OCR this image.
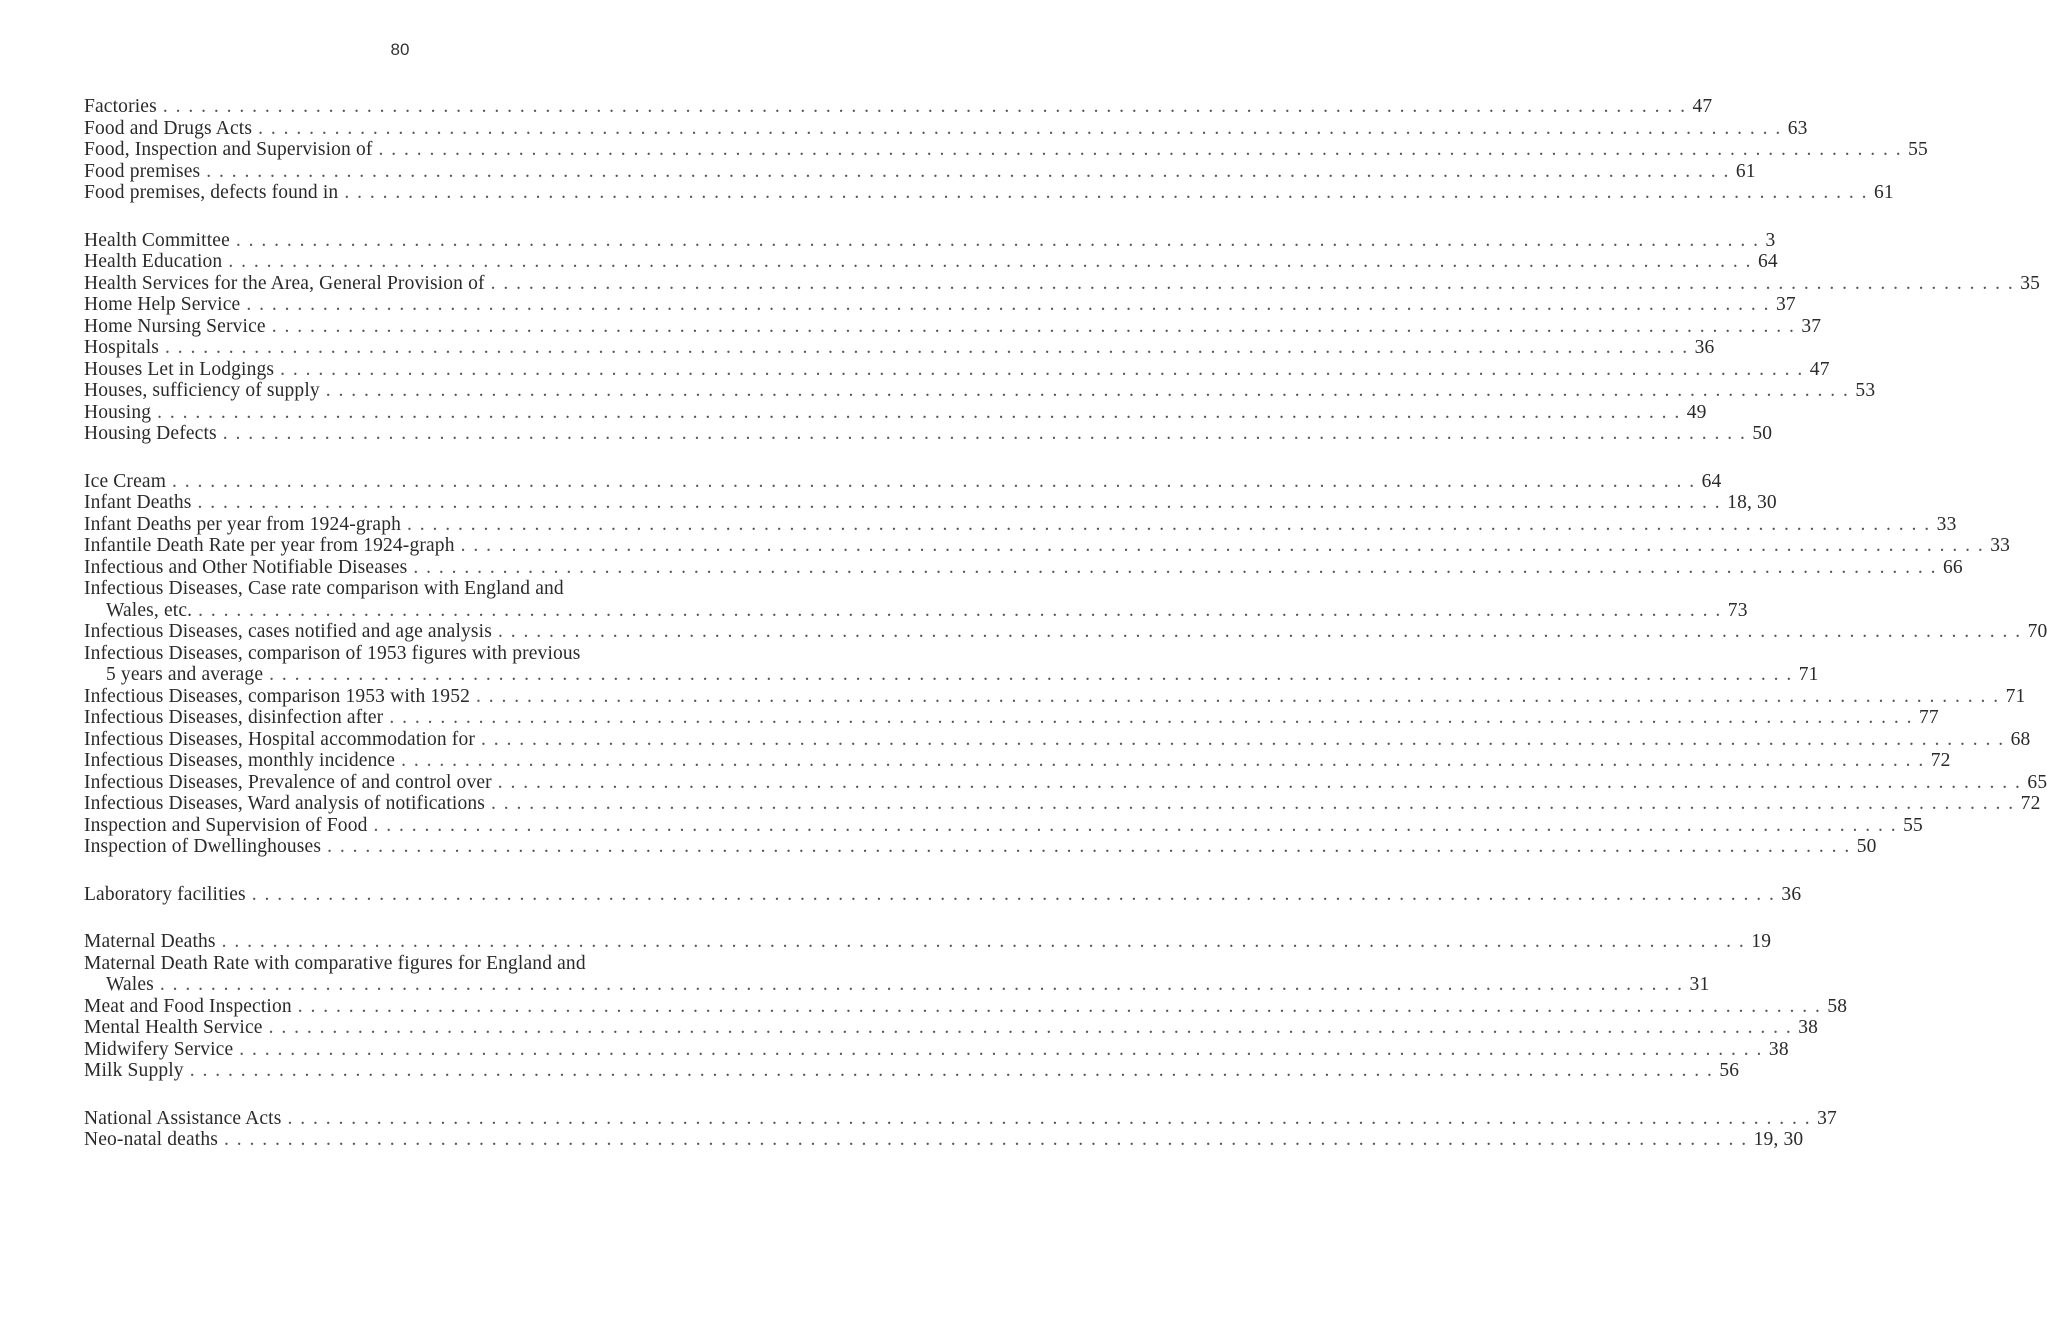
80
Factories . . . . . . . . . . . . . . . . . . . . . . . . . . . . . . . . . . . . . . . . . . . . . . . . . . . . . . . . . . . . . . . . . . . . . . . . . . . . . . . . . . . . . . . . . . . . . . . . . . . . . . . . . . . . . . . . . . . . . . . . 47
Food and Drugs Acts . . . . . . . . . . . . . . . . . . . . . . . . . . . . . . . . . . . . . . . . . . . . . . . . . . . . . . . . . . . . . . . . . . . . . . . . . . . . . . . . . . . . . . . . . . . . . . . . . . . . . . . . . . . . . . . . . . . . . . . . 63
Food, Inspection and Supervision of . . . . . . . . . . . . . . . . . . . . . . . . . . . . . . . . . . . . . . . . . . . . . . . . . . . . . . . . . . . . . . . . . . . . . . . . . . . . . . . . . . . . . . . . . . . . . . . . . . . . . . . . . . . . . . . . . . . . . . . . 55
Food premises . . . . . . . . . . . . . . . . . . . . . . . . . . . . . . . . . . . . . . . . . . . . . . . . . . . . . . . . . . . . . . . . . . . . . . . . . . . . . . . . . . . . . . . . . . . . . . . . . . . . . . . . . . . . . . . . . . . . . . . . 61
Food premises, defects found in . . . . . . . . . . . . . . . . . . . . . . . . . . . . . . . . . . . . . . . . . . . . . . . . . . . . . . . . . . . . . . . . . . . . . . . . . . . . . . . . . . . . . . . . . . . . . . . . . . . . . . . . . . . . . . . . . . . . . . . . 61
Health Committee . . . . . . . . . . . . . . . . . . . . . . . . . . . . . . . . . . . . . . . . . . . . . . . . . . . . . . . . . . . . . . . . . . . . . . . . . . . . . . . . . . . . . . . . . . . . . . . . . . . . . . . . . . . . . . . . . . . . . . . . 3
Health Education . . . . . . . . . . . . . . . . . . . . . . . . . . . . . . . . . . . . . . . . . . . . . . . . . . . . . . . . . . . . . . . . . . . . . . . . . . . . . . . . . . . . . . . . . . . . . . . . . . . . . . . . . . . . . . . . . . . . . . . . 64
Health Services for the Area, General Provision of . . . . . . . . . . . . . . . . . . . . . . . . . . . . . . . . . . . . . . . . . . . . . . . . . . . . . . . . . . . . . . . . . . . . . . . . . . . . . . . . . . . . . . . . . . . . . . . . . . . . . . . . . . . . . . . . . . . . . . . . 35
Home Help Service . . . . . . . . . . . . . . . . . . . . . . . . . . . . . . . . . . . . . . . . . . . . . . . . . . . . . . . . . . . . . . . . . . . . . . . . . . . . . . . . . . . . . . . . . . . . . . . . . . . . . . . . . . . . . . . . . . . . . . . . 37
Home Nursing Service . . . . . . . . . . . . . . . . . . . . . . . . . . . . . . . . . . . . . . . . . . . . . . . . . . . . . . . . . . . . . . . . . . . . . . . . . . . . . . . . . . . . . . . . . . . . . . . . . . . . . . . . . . . . . . . . . . . . . . . . 37
Hospitals . . . . . . . . . . . . . . . . . . . . . . . . . . . . . . . . . . . . . . . . . . . . . . . . . . . . . . . . . . . . . . . . . . . . . . . . . . . . . . . . . . . . . . . . . . . . . . . . . . . . . . . . . . . . . . . . . . . . . . . . 36
Houses Let in Lodgings . . . . . . . . . . . . . . . . . . . . . . . . . . . . . . . . . . . . . . . . . . . . . . . . . . . . . . . . . . . . . . . . . . . . . . . . . . . . . . . . . . . . . . . . . . . . . . . . . . . . . . . . . . . . . . . . . . . . . . . . 47
Houses, sufficiency of supply . . . . . . . . . . . . . . . . . . . . . . . . . . . . . . . . . . . . . . . . . . . . . . . . . . . . . . . . . . . . . . . . . . . . . . . . . . . . . . . . . . . . . . . . . . . . . . . . . . . . . . . . . . . . . . . . . . . . . . . . 53
Housing . . . . . . . . . . . . . . . . . . . . . . . . . . . . . . . . . . . . . . . . . . . . . . . . . . . . . . . . . . . . . . . . . . . . . . . . . . . . . . . . . . . . . . . . . . . . . . . . . . . . . . . . . . . . . . . . . . . . . . . . 49
Housing Defects . . . . . . . . . . . . . . . . . . . . . . . . . . . . . . . . . . . . . . . . . . . . . . . . . . . . . . . . . . . . . . . . . . . . . . . . . . . . . . . . . . . . . . . . . . . . . . . . . . . . . . . . . . . . . . . . . . . . . . . . 50
Ice Cream . . . . . . . . . . . . . . . . . . . . . . . . . . . . . . . . . . . . . . . . . . . . . . . . . . . . . . . . . . . . . . . . . . . . . . . . . . . . . . . . . . . . . . . . . . . . . . . . . . . . . . . . . . . . . . . . . . . . . . . . 64
Infant Deaths . . . . . . . . . . . . . . . . . . . . . . . . . . . . . . . . . . . . . . . . . . . . . . . . . . . . . . . . . . . . . . . . . . . . . . . . . . . . . . . . . . . . . . . . . . . . . . . . . . . . . . . . . . . . . . . . . . . . . . . . 18, 30
Infant Deaths per year from 1924-graph . . . . . . . . . . . . . . . . . . . . . . . . . . . . . . . . . . . . . . . . . . . . . . . . . . . . . . . . . . . . . . . . . . . . . . . . . . . . . . . . . . . . . . . . . . . . . . . . . . . . . . . . . . . . . . . . . . . . . . . . 33
Infantile Death Rate per year from 1924-graph . . . . . . . . . . . . . . . . . . . . . . . . . . . . . . . . . . . . . . . . . . . . . . . . . . . . . . . . . . . . . . . . . . . . . . . . . . . . . . . . . . . . . . . . . . . . . . . . . . . . . . . . . . . . . . . . . . . . . . . . 33
Infectious and Other Notifiable Diseases . . . . . . . . . . . . . . . . . . . . . . . . . . . . . . . . . . . . . . . . . . . . . . . . . . . . . . . . . . . . . . . . . . . . . . . . . . . . . . . . . . . . . . . . . . . . . . . . . . . . . . . . . . . . . . . . . . . . . . . . 66
Infectious Diseases, Case rate comparison with England and
Wales, etc. . . . . . . . . . . . . . . . . . . . . . . . . . . . . . . . . . . . . . . . . . . . . . . . . . . . . . . . . . . . . . . . . . . . . . . . . . . . . . . . . . . . . . . . . . . . . . . . . . . . . . . . . . . . . . . . . . . . . . . . . 73
Infectious Diseases, cases notified and age analysis . . . . . . . . . . . . . . . . . . . . . . . . . . . . . . . . . . . . . . . . . . . . . . . . . . . . . . . . . . . . . . . . . . . . . . . . . . . . . . . . . . . . . . . . . . . . . . . . . . . . . . . . . . . . . . . . . . . . . . . . 70
Infectious Diseases, comparison of 1953 figures with previous
5 years and average . . . . . . . . . . . . . . . . . . . . . . . . . . . . . . . . . . . . . . . . . . . . . . . . . . . . . . . . . . . . . . . . . . . . . . . . . . . . . . . . . . . . . . . . . . . . . . . . . . . . . . . . . . . . . . . . . . . . . . . . 71
Infectious Diseases, comparison 1953 with 1952 . . . . . . . . . . . . . . . . . . . . . . . . . . . . . . . . . . . . . . . . . . . . . . . . . . . . . . . . . . . . . . . . . . . . . . . . . . . . . . . . . . . . . . . . . . . . . . . . . . . . . . . . . . . . . . . . . . . . . . . . 71
Infectious Diseases, disinfection after . . . . . . . . . . . . . . . . . . . . . . . . . . . . . . . . . . . . . . . . . . . . . . . . . . . . . . . . . . . . . . . . . . . . . . . . . . . . . . . . . . . . . . . . . . . . . . . . . . . . . . . . . . . . . . . . . . . . . . . . 77
Infectious Diseases, Hospital accommodation for . . . . . . . . . . . . . . . . . . . . . . . . . . . . . . . . . . . . . . . . . . . . . . . . . . . . . . . . . . . . . . . . . . . . . . . . . . . . . . . . . . . . . . . . . . . . . . . . . . . . . . . . . . . . . . . . . . . . . . . . 68
Infectious Diseases, monthly incidence . . . . . . . . . . . . . . . . . . . . . . . . . . . . . . . . . . . . . . . . . . . . . . . . . . . . . . . . . . . . . . . . . . . . . . . . . . . . . . . . . . . . . . . . . . . . . . . . . . . . . . . . . . . . . . . . . . . . . . . . 72
Infectious Diseases, Prevalence of and control over . . . . . . . . . . . . . . . . . . . . . . . . . . . . . . . . . . . . . . . . . . . . . . . . . . . . . . . . . . . . . . . . . . . . . . . . . . . . . . . . . . . . . . . . . . . . . . . . . . . . . . . . . . . . . . . . . . . . . . . . 65
Infectious Diseases, Ward analysis of notifications . . . . . . . . . . . . . . . . . . . . . . . . . . . . . . . . . . . . . . . . . . . . . . . . . . . . . . . . . . . . . . . . . . . . . . . . . . . . . . . . . . . . . . . . . . . . . . . . . . . . . . . . . . . . . . . . . . . . . . . . 72
Inspection and Supervision of Food . . . . . . . . . . . . . . . . . . . . . . . . . . . . . . . . . . . . . . . . . . . . . . . . . . . . . . . . . . . . . . . . . . . . . . . . . . . . . . . . . . . . . . . . . . . . . . . . . . . . . . . . . . . . . . . . . . . . . . . . 55
Inspection of Dwellinghouses . . . . . . . . . . . . . . . . . . . . . . . . . . . . . . . . . . . . . . . . . . . . . . . . . . . . . . . . . . . . . . . . . . . . . . . . . . . . . . . . . . . . . . . . . . . . . . . . . . . . . . . . . . . . . . . . . . . . . . . . 50
Laboratory facilities . . . . . . . . . . . . . . . . . . . . . . . . . . . . . . . . . . . . . . . . . . . . . . . . . . . . . . . . . . . . . . . . . . . . . . . . . . . . . . . . . . . . . . . . . . . . . . . . . . . . . . . . . . . . . . . . . . . . . . . . 36
Maternal Deaths . . . . . . . . . . . . . . . . . . . . . . . . . . . . . . . . . . . . . . . . . . . . . . . . . . . . . . . . . . . . . . . . . . . . . . . . . . . . . . . . . . . . . . . . . . . . . . . . . . . . . . . . . . . . . . . . . . . . . . . . 19
Maternal Death Rate with comparative figures for England and
Wales . . . . . . . . . . . . . . . . . . . . . . . . . . . . . . . . . . . . . . . . . . . . . . . . . . . . . . . . . . . . . . . . . . . . . . . . . . . . . . . . . . . . . . . . . . . . . . . . . . . . . . . . . . . . . . . . . . . . . . . . 31
Meat and Food Inspection . . . . . . . . . . . . . . . . . . . . . . . . . . . . . . . . . . . . . . . . . . . . . . . . . . . . . . . . . . . . . . . . . . . . . . . . . . . . . . . . . . . . . . . . . . . . . . . . . . . . . . . . . . . . . . . . . . . . . . . . 58
Mental Health Service . . . . . . . . . . . . . . . . . . . . . . . . . . . . . . . . . . . . . . . . . . . . . . . . . . . . . . . . . . . . . . . . . . . . . . . . . . . . . . . . . . . . . . . . . . . . . . . . . . . . . . . . . . . . . . . . . . . . . . . . 38
Midwifery Service . . . . . . . . . . . . . . . . . . . . . . . . . . . . . . . . . . . . . . . . . . . . . . . . . . . . . . . . . . . . . . . . . . . . . . . . . . . . . . . . . . . . . . . . . . . . . . . . . . . . . . . . . . . . . . . . . . . . . . . . 38
Milk Supply . . . . . . . . . . . . . . . . . . . . . . . . . . . . . . . . . . . . . . . . . . . . . . . . . . . . . . . . . . . . . . . . . . . . . . . . . . . . . . . . . . . . . . . . . . . . . . . . . . . . . . . . . . . . . . . . . . . . . . . . 56
National Assistance Acts . . . . . . . . . . . . . . . . . . . . . . . . . . . . . . . . . . . . . . . . . . . . . . . . . . . . . . . . . . . . . . . . . . . . . . . . . . . . . . . . . . . . . . . . . . . . . . . . . . . . . . . . . . . . . . . . . . . . . . . . 37
Neo-natal deaths . . . . . . . . . . . . . . . . . . . . . . . . . . . . . . . . . . . . . . . . . . . . . . . . . . . . . . . . . . . . . . . . . . . . . . . . . . . . . . . . . . . . . . . . . . . . . . . . . . . . . . . . . . . . . . . . . . . . . . . . 19, 30
